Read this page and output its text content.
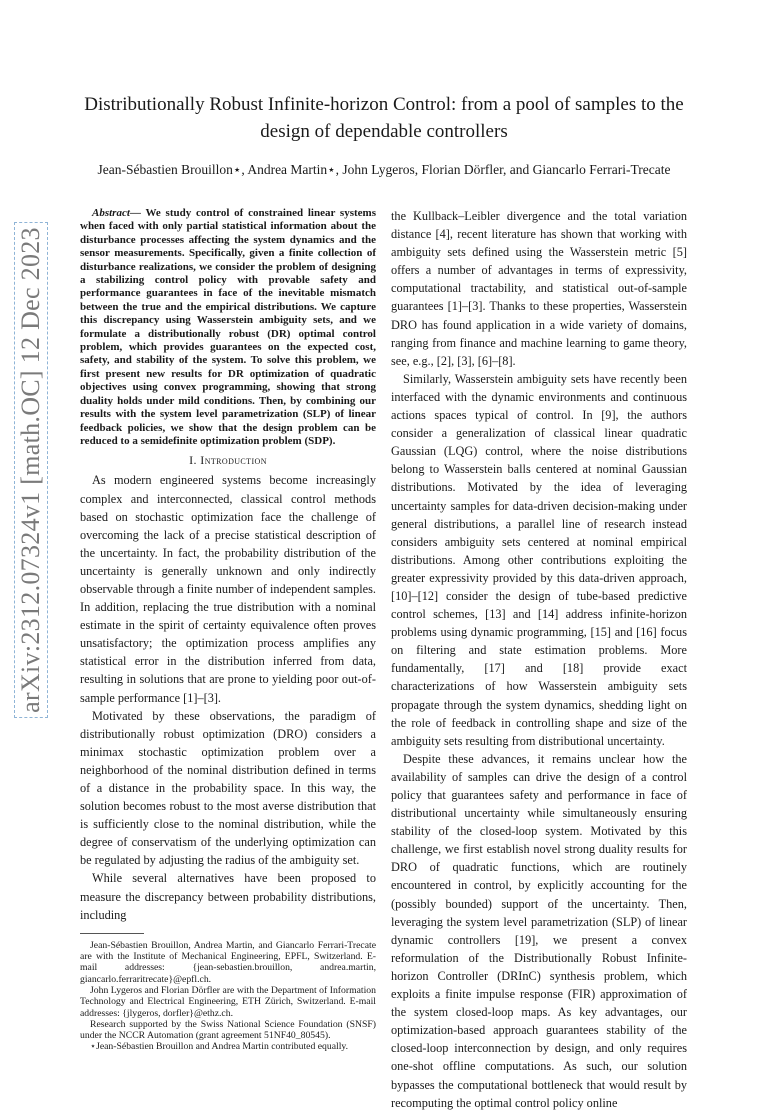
arXiv:2312.07324v1 [math.OC] 12 Dec 2023
Distributionally Robust Infinite-horizon Control: from a pool of samples to the design of dependable controllers
Jean-Sébastien Brouillon⋆, Andrea Martin⋆, John Lygeros, Florian Dörfler, and Giancarlo Ferrari-Trecate

Abstract— We study control of constrained linear systems when faced with only partial statistical information about the disturbance processes affecting the system dynamics and the sensor measurements. Specifically, given a finite collection of disturbance realizations, we consider the problem of designing a stabilizing control policy with provable safety and performance guarantees in face of the inevitable mismatch between the true and the empirical distributions. We capture this discrepancy using Wasserstein ambiguity sets, and we formulate a distributionally robust (DR) optimal control problem, which provides guarantees on the expected cost, safety, and stability of the system. To solve this problem, we first present new results for DR optimization of quadratic objectives using convex programming, showing that strong duality holds under mild conditions. Then, by combining our results with the system level parametrization (SLP) of linear feedback policies, we show that the design problem can be reduced to a semidefinite optimization problem (SDP).

I. Introduction

As modern engineered systems become increasingly complex and interconnected, classical control methods based on stochastic optimization face the challenge of overcoming the lack of a precise statistical description of the uncertainty. In fact, the probability distribution of the uncertainty is generally unknown and only indirectly observable through a finite number of independent samples. In addition, replacing the true distribution with a nominal estimate in the spirit of certainty equivalence often proves unsatisfactory; the optimization process amplifies any statistical error in the distribution inferred from data, resulting in solutions that are prone to yielding poor out-of-sample performance [1]–[3].

Motivated by these observations, the paradigm of distributionally robust optimization (DRO) considers a minimax stochastic optimization problem over a neighborhood of the nominal distribution defined in terms of a distance in the probability space. In this way, the solution becomes robust to the most averse distribution that is sufficiently close to the nominal distribution, while the degree of conservatism of the underlying optimization can be regulated by adjusting the radius of the ambiguity set.

While several alternatives have been proposed to measure the discrepancy between probability distributions, including

Jean-Sébastien Brouillon, Andrea Martin, and Giancarlo Ferrari-Trecate are with the Institute of Mechanical Engineering, EPFL, Switzerland. E-mail addresses: {jean-sebastien.brouillon, andrea.martin, giancarlo.ferraritrecate}@epfl.ch.

John Lygeros and Florian Dörfler are with the Department of Information Technology and Electrical Engineering, ETH Zürich, Switzerland. E-mail addresses: {jlygeros, dorfler}@ethz.ch.

Research supported by the Swiss National Science Foundation (SNSF) under the NCCR Automation (grant agreement 51NF40_80545).

⋆Jean-Sébastien Brouillon and Andrea Martin contributed equally.

the Kullback–Leibler divergence and the total variation distance [4], recent literature has shown that working with ambiguity sets defined using the Wasserstein metric [5] offers a number of advantages in terms of expressivity, computational tractability, and statistical out-of-sample guarantees [1]–[3]. Thanks to these properties, Wasserstein DRO has found application in a wide variety of domains, ranging from finance and machine learning to game theory, see, e.g., [2], [3], [6]–[8].

Similarly, Wasserstein ambiguity sets have recently been interfaced with the dynamic environments and continuous actions spaces typical of control. In [9], the authors consider a generalization of classical linear quadratic Gaussian (LQG) control, where the noise distributions belong to Wasserstein balls centered at nominal Gaussian distributions. Motivated by the idea of leveraging uncertainty samples for data-driven decision-making under general distributions, a parallel line of research instead considers ambiguity sets centered at nominal empirical distributions. Among other contributions exploiting the greater expressivity provided by this data-driven approach, [10]–[12] consider the design of tube-based predictive control schemes, [13] and [14] address infinite-horizon problems using dynamic programming, [15] and [16] focus on filtering and state estimation problems. More fundamentally, [17] and [18] provide exact characterizations of how Wasserstein ambiguity sets propagate through the system dynamics, shedding light on the role of feedback in controlling shape and size of the ambiguity sets resulting from distributional uncertainty.

Despite these advances, it remains unclear how the availability of samples can drive the design of a control policy that guarantees safety and performance in face of distributional uncertainty while simultaneously ensuring stability of the closed-loop system. Motivated by this challenge, we first establish novel strong duality results for DRO of quadratic functions, which are routinely encountered in control, by explicitly accounting for the (possibly bounded) support of the uncertainty. Then, leveraging the system level parametrization (SLP) of linear dynamic controllers [19], we present a convex reformulation of the Distributionally Robust Infinite-horizon Controller (DRInC) synthesis problem, which exploits a finite impulse response (FIR) approximation of the system closed-loop maps. As key advantages, our optimization-based approach guarantees stability of the closed-loop interconnection by design, and only requires one-shot offline computations. As such, our solution bypasses the computational bottleneck that would result by recomputing the optimal control policy online
